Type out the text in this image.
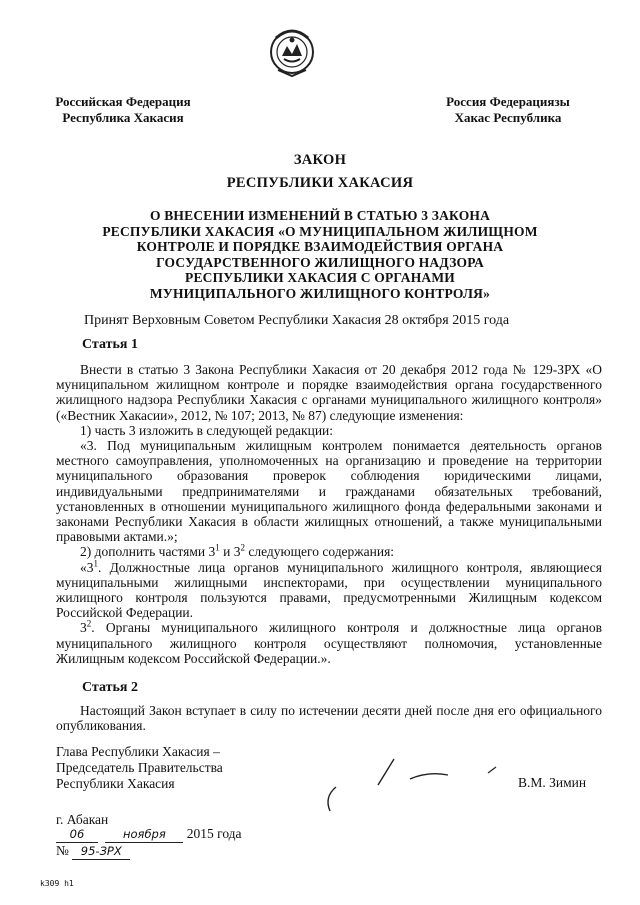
Российская Федерация
Республика Хакасия
Россия Федерациязы
Хакас Республика
ЗАКОН
РЕСПУБЛИКИ ХАКАСИЯ
О ВНЕСЕНИИ ИЗМЕНЕНИЙ В СТАТЬЮ 3 ЗАКОНА
РЕСПУБЛИКИ ХАКАСИЯ «О МУНИЦИПАЛЬНОМ ЖИЛИЩНОМ
КОНТРОЛЕ И ПОРЯДКЕ ВЗАИМОДЕЙСТВИЯ ОРГАНА
ГОСУДАРСТВЕННОГО ЖИЛИЩНОГО НАДЗОРА
РЕСПУБЛИКИ ХАКАСИЯ С ОРГАНАМИ
МУНИЦИПАЛЬНОГО ЖИЛИЩНОГО КОНТРОЛЯ»
Принят Верховным Советом Республики Хакасия 28 октября 2015 года
Статья 1

Внести в статью 3 Закона Республики Хакасия от 20 декабря 2012 года № 129-ЗРХ «О муниципальном жилищном контроле и порядке взаимодействия органа государственного жилищного надзора Республики Хакасия с органами муниципального жилищного контроля» («Вестник Хакасии», 2012, № 107; 2013, № 87) следующие изменения:

1) часть 3 изложить в следующей редакции:

«3. Под муниципальным жилищным контролем понимается деятельность органов местного самоуправления, уполномоченных на организацию и проведение на территории муниципального образования проверок соблюдения юридическими лицами, индивидуальными предпринимателями и гражданами обязательных требований, установленных в отношении муниципального жилищного фонда федеральными законами и законами Республики Хакасия в области жилищных отношений, а также муниципальными правовыми актами.»;

2) дополнить частями $3^1$ и $3^2$ следующего содержания:

«$3^1$. Должностные лица органов муниципального жилищного контроля, являющиеся муниципальными жилищными инспекторами, при осуществлении муниципального жилищного контроля пользуются правами, предусмотренными Жилищным кодексом Российской Федерации.

$3^2$. Органы муниципального жилищного контроля и должностные лица органов муниципального жилищного контроля осуществляют полномочия, установленные Жилищным кодексом Российской Федерации.».

Статья 2

Настоящий Закон вступает в силу по истечении десяти дней после дня его официального опубликования.

Глава Республики Хакасия –
Председатель Правительства
Республики Хакасия	В.М. Зимин
г. Абакан
06	ноября 2015 года
№ 95-ЗРХ
k309 h1
